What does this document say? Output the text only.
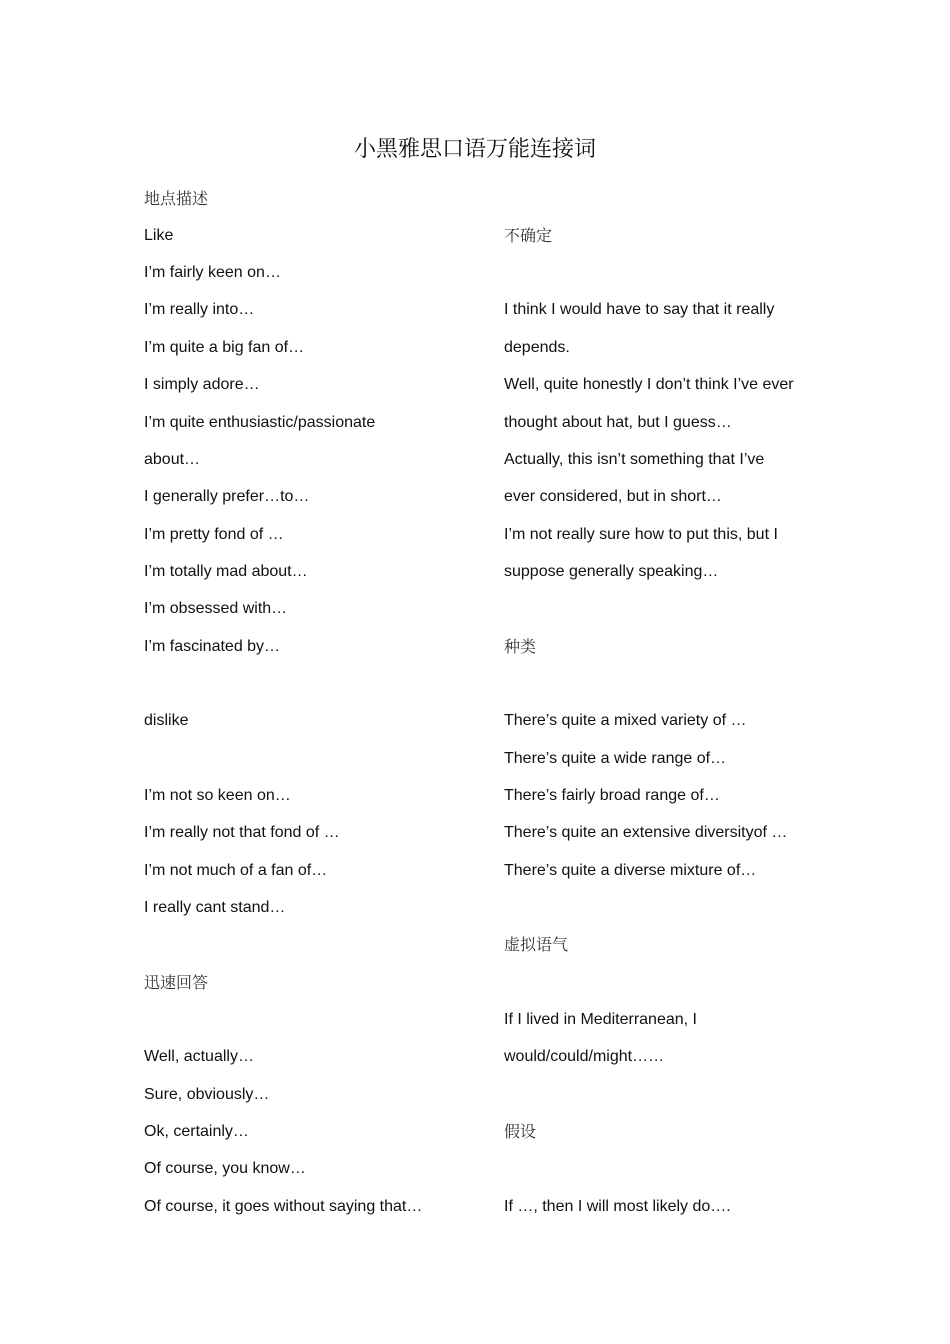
小黑雅思口语万能连接词
地点描述
Like
I’m fairly keen on…
I’m really into…
I’m quite a big fan of…
I simply adore…
I’m quite enthusiastic/passionate
about…
I generally prefer…to…
I’m pretty fond of …
I’m totally mad about…
I’m obsessed with…
I’m fascinated by…
dislike
I’m not so keen on…
I’m really not that fond of …
I’m not much of a fan of…
I really cant stand…
迅速回答
Well, actually…
Sure, obviously…
Ok, certainly…
Of course, you know…
Of course, it goes without saying that…
不确定
I think I would have to say that it really
depends.
Well, quite honestly I don’t think I’ve ever
thought about hat, but I guess…
Actually, this isn’t something that I’ve
ever considered, but in short…
I’m not really sure how to put this, but I
suppose generally speaking…
种类
There’s quite a mixed variety of …
There’s quite a wide range of…
There’s fairly broad range of…
There’s quite an extensive diversityof …
There’s quite a diverse mixture of…
虚拟语气
If I lived in Mediterranean, I
would/could/might……
假设
If …, then I will most likely do….
